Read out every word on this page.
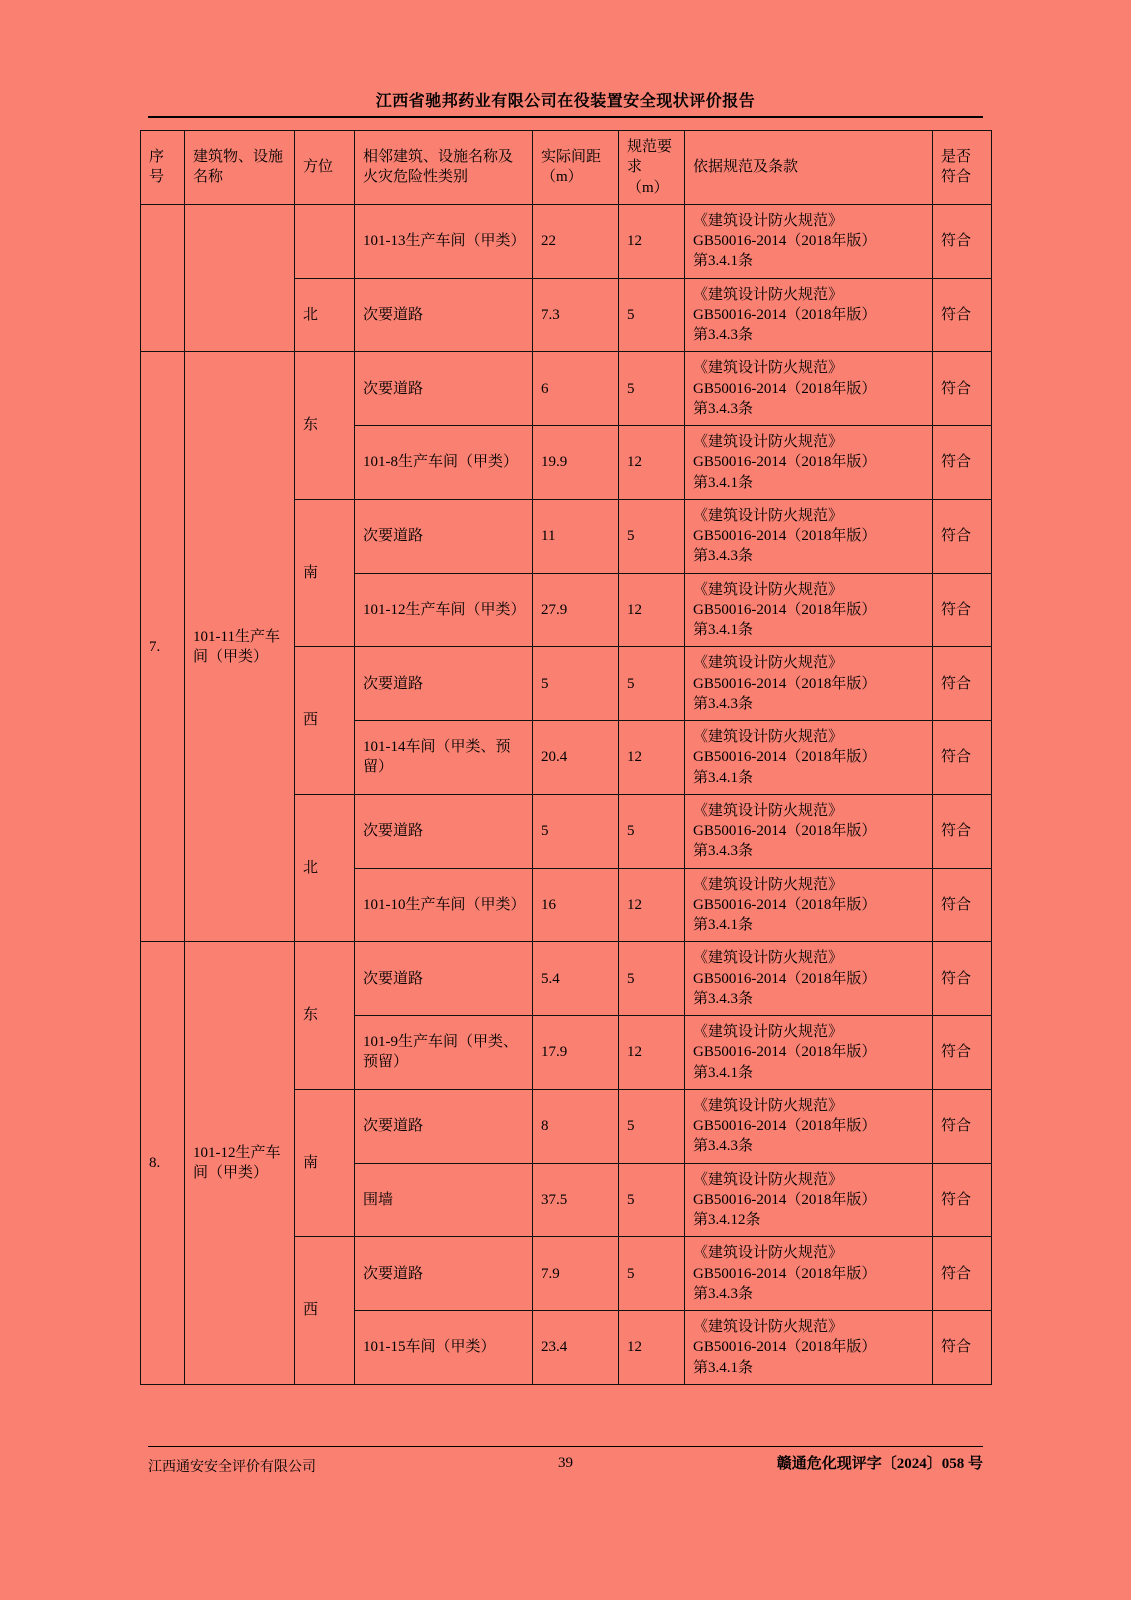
江西省驰邦药业有限公司在役装置安全现状评价报告
序号	建筑物、设施名称	方位	相邻建筑、设施名称及火灾危险性类别	实际间距（m）	规范要求（m）	依据规范及条款	是否符合
			101-13生产车间（甲类）	22	12	《建筑设计防火规范》
GB50016-2014（2018年版）
第3.4.1条	符合
		北	次要道路	7.3	5	《建筑设计防火规范》
GB50016-2014（2018年版）
第3.4.3条	符合
7.	101-11生产车间（甲类）	东	次要道路	6	5	《建筑设计防火规范》
GB50016-2014（2018年版）
第3.4.3条	符合
			101-8生产车间（甲类）	19.9	12	《建筑设计防火规范》
GB50016-2014（2018年版）
第3.4.1条	符合
		南	次要道路	11	5	《建筑设计防火规范》
GB50016-2014（2018年版）
第3.4.3条	符合
			101-12生产车间（甲类）	27.9	12	《建筑设计防火规范》
GB50016-2014（2018年版）
第3.4.1条	符合
		西	次要道路	5	5	《建筑设计防火规范》
GB50016-2014（2018年版）
第3.4.3条	符合
			101-14车间（甲类、预留）	20.4	12	《建筑设计防火规范》
GB50016-2014（2018年版）
第3.4.1条	符合
		北	次要道路	5	5	《建筑设计防火规范》
GB50016-2014（2018年版）
第3.4.3条	符合
			101-10生产车间（甲类）	16	12	《建筑设计防火规范》
GB50016-2014（2018年版）
第3.4.1条	符合
8.	101-12生产车间（甲类）	东	次要道路	5.4	5	《建筑设计防火规范》
GB50016-2014（2018年版）
第3.4.3条	符合
			101-9生产车间（甲类、预留）	17.9	12	《建筑设计防火规范》
GB50016-2014（2018年版）
第3.4.1条	符合
		南	次要道路	8	5	《建筑设计防火规范》
GB50016-2014（2018年版）
第3.4.3条	符合
			围墙	37.5	5	《建筑设计防火规范》
GB50016-2014（2018年版）
第3.4.12条	符合
		西	次要道路	7.9	5	《建筑设计防火规范》
GB50016-2014（2018年版）
第3.4.3条	符合
			101-15车间（甲类）	23.4	12	《建筑设计防火规范》
GB50016-2014（2018年版）
第3.4.1条	符合
江西通安安全评价有限公司	39	赣通危化现评字〔2024〕058 号
